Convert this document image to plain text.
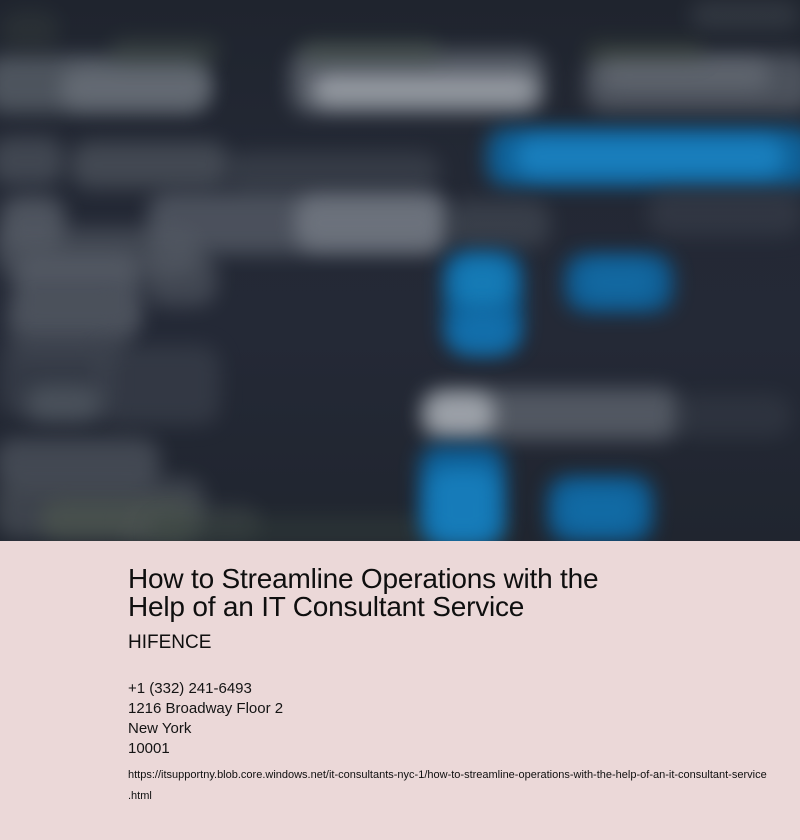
How to Streamline Operations with the
Help of an IT Consultant Service
HIFENCE
+1 (332) 241-6493
1216 Broadway Floor 2
New York
10001
https://itsupportny.blob.core.windows.net/it-consultants-nyc-1/how-to-streamline-operations-with-the-help-of-an-it-consultant-service
.html
